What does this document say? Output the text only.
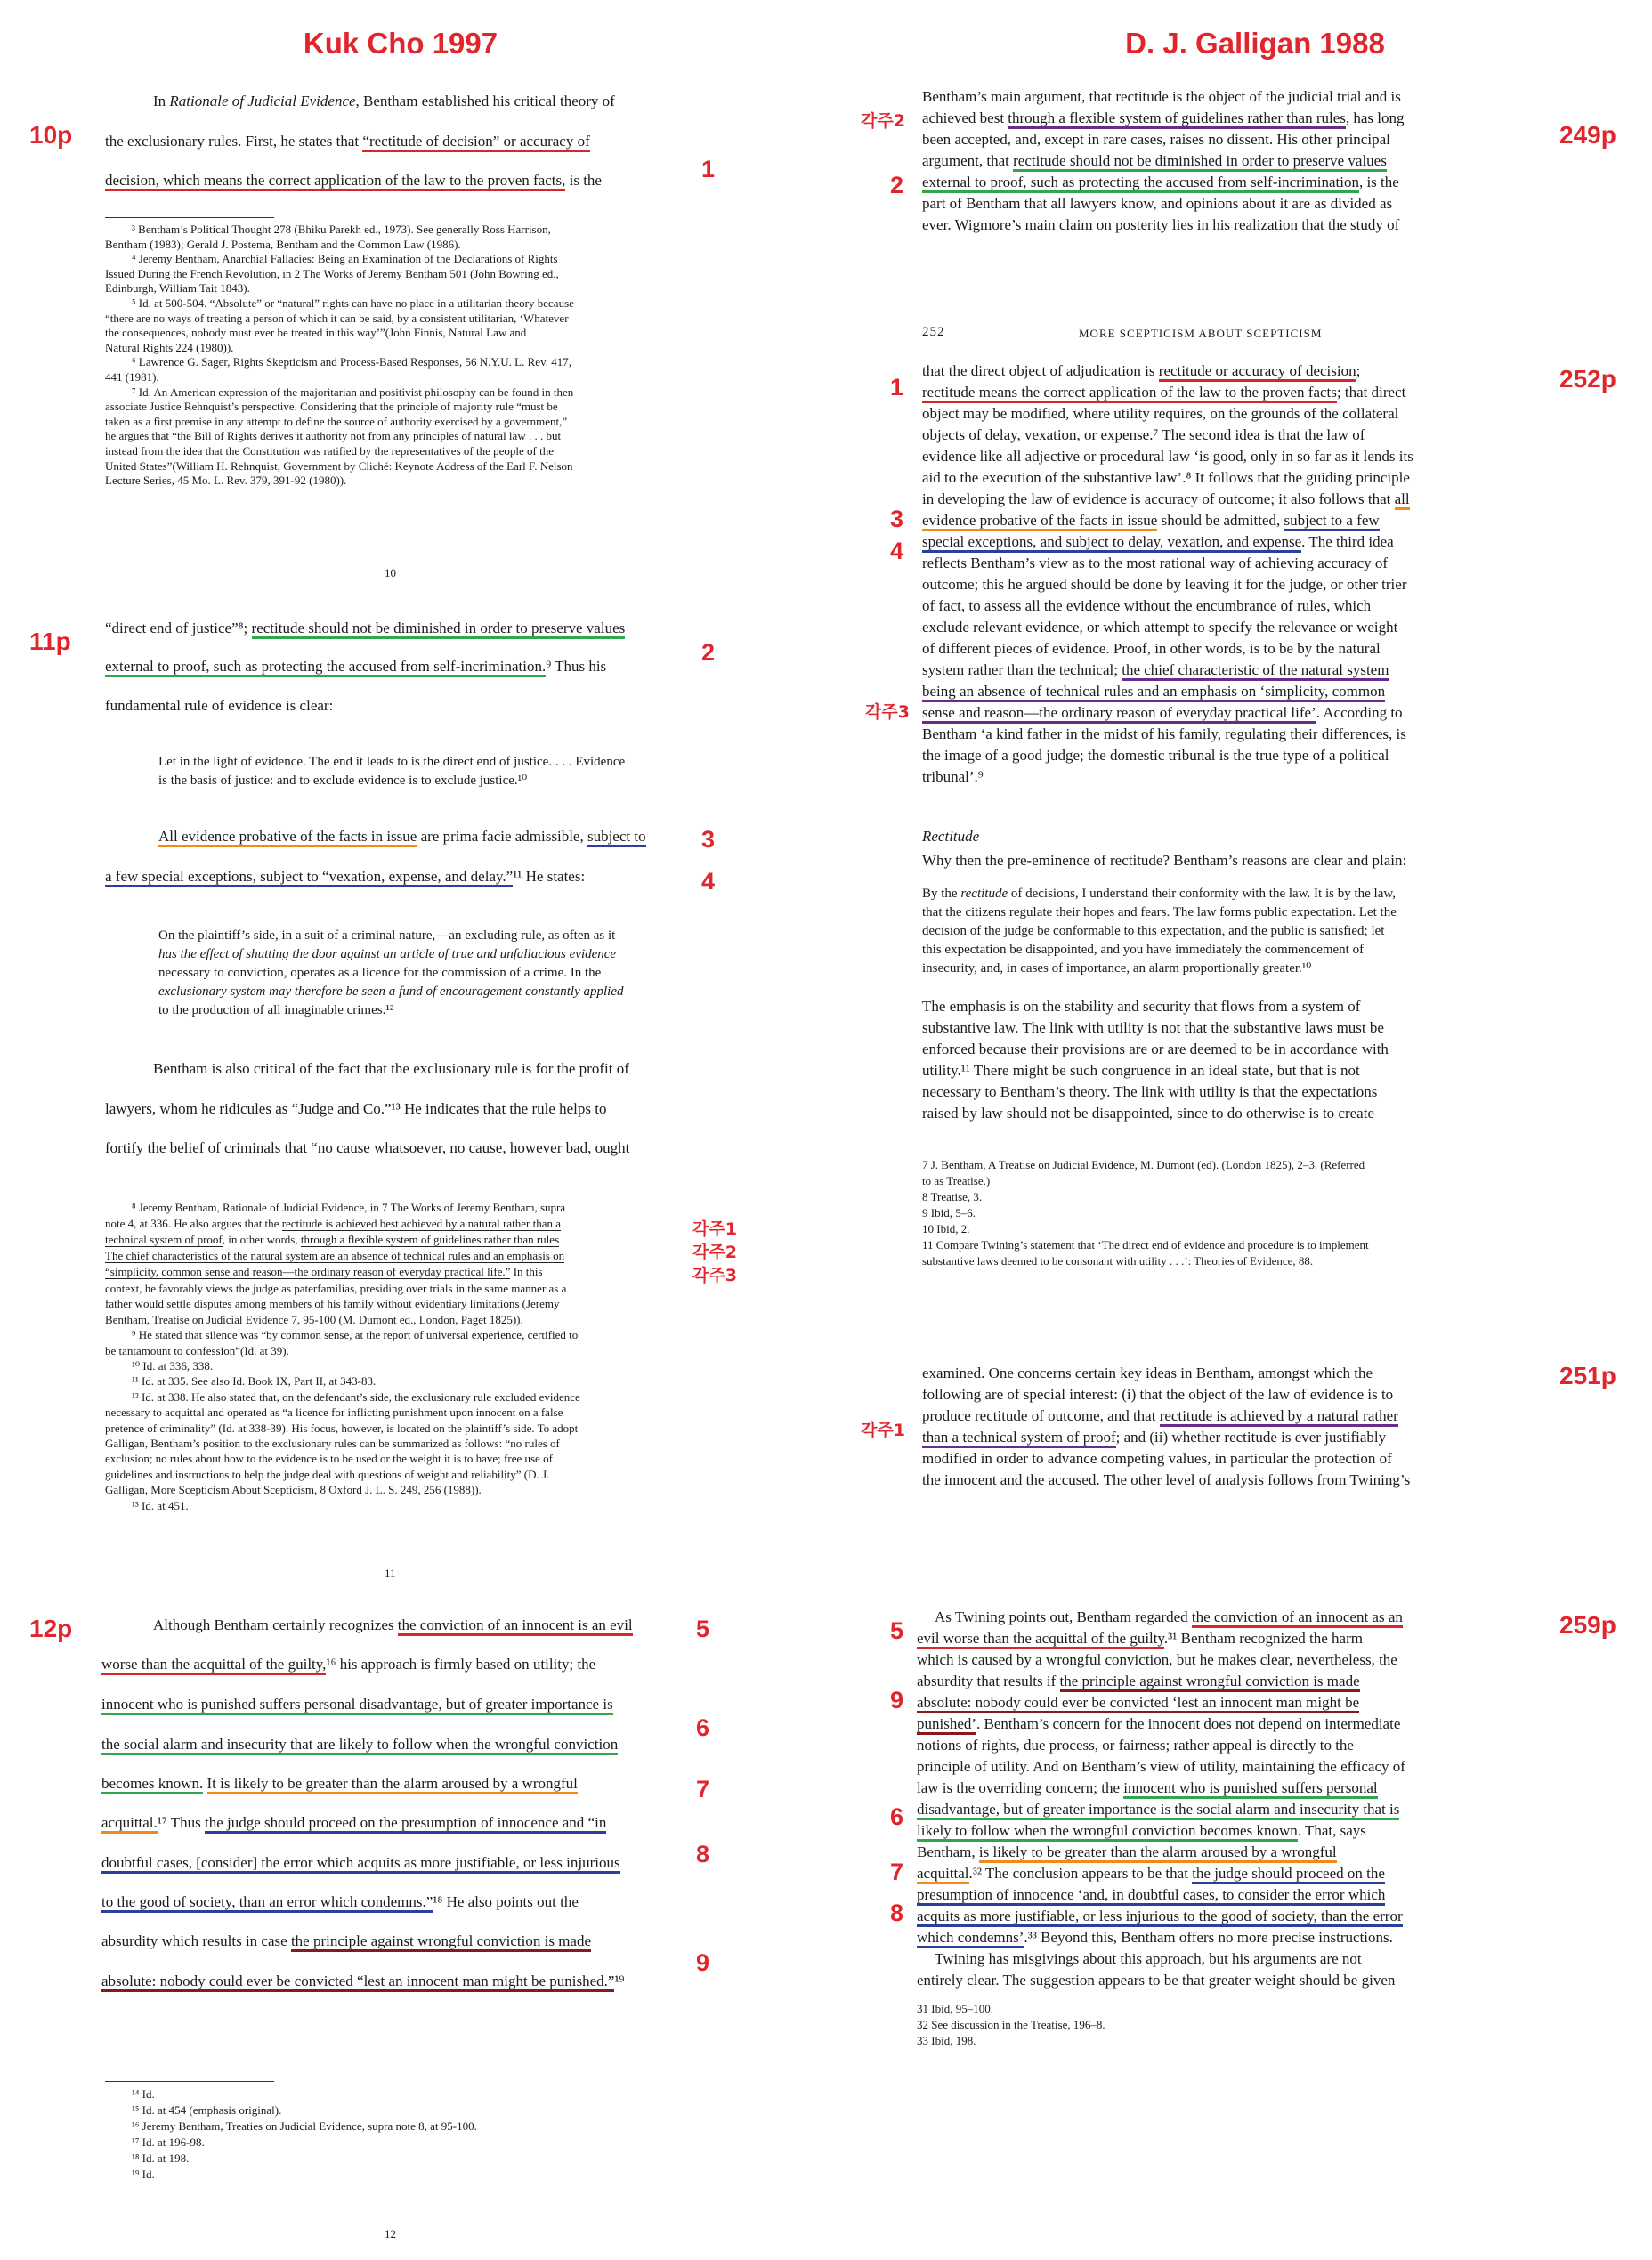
Kuk Cho 1997	D. J. Galligan 1988
10p
11p
12p
249p
252p
251p
259p
1
2
3
4
5
6
7
8
9
각주1
각주2
각주3
각주2
2
1
3
4
각주3
각주1
5
9
6
7
8
In Rationale of Judicial Evidence, Bentham established his critical theory of
the exclusionary rules. First, he states that “rectitude of decision” or accuracy of
decision, which means the correct application of the law to the proven facts, is the
³ Bentham’s Political Thought 278 (Bhiku Parekh ed., 1973). See generally Ross Harrison,
Bentham (1983); Gerald J. Postema, Bentham and the Common Law (1986).
⁴ Jeremy Bentham, Anarchial Fallacies: Being an Examination of the Declarations of Rights
Issued During the French Revolution, in 2 The Works of Jeremy Bentham 501 (John Bowring ed.,
Edinburgh, William Tait 1843).
⁵ Id. at 500-504. “Absolute” or “natural” rights can have no place in a utilitarian theory because
“there are no ways of treating a person of which it can be said, by a consistent utilitarian, ‘Whatever
the consequences, nobody must ever be treated in this way’”(John Finnis, Natural Law and
Natural Rights 224 (1980)).
⁶ Lawrence G. Sager, Rights Skepticism and Process-Based Responses, 56 N.Y.U. L. Rev. 417,
441 (1981).
⁷ Id. An American expression of the majoritarian and positivist philosophy can be found in then
associate Justice Rehnquist’s perspective. Considering that the principle of majority rule “must be
taken as a first premise in any attempt to define the source of authority exercised by a government,”
he argues that “the Bill of Rights derives it authority not from any principles of natural law . . . but
instead from the idea that the Constitution was ratified by the representatives of the people of the
United States”(William H. Rehnquist, Government by Cliché: Keynote Address of the Earl F. Nelson
Lecture Series, 45 Mo. L. Rev. 379, 391-92 (1980)).
10
“direct end of justice”⁸; rectitude should not be diminished in order to preserve values
external to proof, such as protecting the accused from self-incrimination.⁹ Thus his
fundamental rule of evidence is clear:
Let in the light of evidence. The end it leads to is the direct end of justice. . . . Evidence
is the basis of justice: and to exclude evidence is to exclude justice.¹⁰
All evidence probative of the facts in issue are prima facie admissible, subject to
a few special exceptions, subject to “vexation, expense, and delay.”¹¹ He states:
On the plaintiff’s side, in a suit of a criminal nature,—an excluding rule, as often as it
has the effect of shutting the door against an article of true and unfallacious evidence
necessary to conviction, operates as a licence for the commission of a crime. In the
exclusionary system may therefore be seen a fund of encouragement constantly applied
to the production of all imaginable crimes.¹²
Bentham is also critical of the fact that the exclusionary rule is for the profit of
lawyers, whom he ridicules as “Judge and Co.”¹³ He indicates that the rule helps to
fortify the belief of criminals that “no cause whatsoever, no cause, however bad, ought
⁸ Jeremy Bentham, Rationale of Judicial Evidence, in 7 The Works of Jeremy Bentham, supra
note 4, at 336. He also argues that the rectitude is achieved best achieved by a natural rather than a
technical system of proof, in other words, through a flexible system of guidelines rather than rules
The chief characteristics of the natural system are an absence of technical rules and an emphasis on
“simplicity, common sense and reason—the ordinary reason of everyday practical life.” In this
context, he favorably views the judge as paterfamilias, presiding over trials in the same manner as a
father would settle disputes among members of his family without evidentiary limitations (Jeremy
Bentham, Treatise on Judicial Evidence 7, 95-100 (M. Dumont ed., London, Paget 1825)).
⁹ He stated that silence was “by common sense, at the report of universal experience, certified to
be tantamount to confession”(Id. at 39).
¹⁰ Id. at 336, 338.
¹¹ Id. at 335. See also Id. Book IX, Part II, at 343-83.
¹² Id. at 338. He also stated that, on the defendant’s side, the exclusionary rule excluded evidence
necessary to acquittal and operated as “a licence for inflicting punishment upon innocent on a false
pretence of criminality” (Id. at 338-39). His focus, however, is located on the plaintiff’s side. To adopt
Galligan, Bentham’s position to the exclusionary rules can be summarized as follows: “no rules of
exclusion; no rules about how to the evidence is to be used or the weight it is to have; free use of
guidelines and instructions to help the judge deal with questions of weight and reliability” (D. J.
Galligan, More Scepticism About Scepticism, 8 Oxford J. L. S. 249, 256 (1988)).
¹³ Id. at 451.
11
Although Bentham certainly recognizes the conviction of an innocent is an evil
worse than the acquittal of the guilty,¹⁶ his approach is firmly based on utility; the
innocent who is punished suffers personal disadvantage, but of greater importance is
the social alarm and insecurity that are likely to follow when the wrongful conviction
becomes known. It is likely to be greater than the alarm aroused by a wrongful
acquittal.¹⁷ Thus the judge should proceed on the presumption of innocence and “in
doubtful cases, [consider] the error which acquits as more justifiable, or less injurious
to the good of society, than an error which condemns.”¹⁸ He also points out the
absurdity which results in case the principle against wrongful conviction is made
absolute: nobody could ever be convicted “lest an innocent man might be punished.”¹⁹
¹⁴ Id.
¹⁵ Id. at 454 (emphasis original).
¹⁶ Jeremy Bentham, Treaties on Judicial Evidence, supra note 8, at 95-100.
¹⁷ Id. at 196-98.
¹⁸ Id. at 198.
¹⁹ Id.
12
Bentham’s main argument, that rectitude is the object of the judicial trial and is
achieved best through a flexible system of guidelines rather than rules, has long
been accepted, and, except in rare cases, raises no dissent. His other principal
argument, that rectitude should not be diminished in order to preserve values
external to proof, such as protecting the accused from self-incrimination, is the
part of Bentham that all lawyers know, and opinions about it are as divided as
ever. Wigmore’s main claim on posterity lies in his realization that the study of
252	MORE SCEPTICISM ABOUT SCEPTICISM
that the direct object of adjudication is rectitude or accuracy of decision;
rectitude means the correct application of the law to the proven facts; that direct
object may be modified, where utility requires, on the grounds of the collateral
objects of delay, vexation, or expense.⁷ The second idea is that the law of
evidence like all adjective or procedural law ‘is good, only in so far as it lends its
aid to the execution of the substantive law’.⁸ It follows that the guiding principle
in developing the law of evidence is accuracy of outcome; it also follows that all
evidence probative of the facts in issue should be admitted, subject to a few
special exceptions, and subject to delay, vexation, and expense. The third idea
reflects Bentham’s view as to the most rational way of achieving accuracy of
outcome; this he argued should be done by leaving it for the judge, or other trier
of fact, to assess all the evidence without the encumbrance of rules, which
exclude relevant evidence, or which attempt to specify the relevance or weight
of different pieces of evidence. Proof, in other words, is to be by the natural
system rather than the technical; the chief characteristic of the natural system
being an absence of technical rules and an emphasis on ‘simplicity, common
sense and reason—the ordinary reason of everyday practical life’. According to
Bentham ‘a kind father in the midst of his family, regulating their differences, is
the image of a good judge; the domestic tribunal is the true type of a political
tribunal’.⁹
Rectitude
Why then the pre-eminence of rectitude? Bentham’s reasons are clear and plain:
By the rectitude of decisions, I understand their conformity with the law. It is by the law,
that the citizens regulate their hopes and fears. The law forms public expectation. Let the
decision of the judge be conformable to this expectation, and the public is satisfied; let
this expectation be disappointed, and you have immediately the commencement of
insecurity, and, in cases of importance, an alarm proportionally greater.¹⁰
The emphasis is on the stability and security that flows from a system of
substantive law. The link with utility is not that the substantive laws must be
enforced because their provisions are or are deemed to be in accordance with
utility.¹¹ There might be such congruence in an ideal state, but that is not
necessary to Bentham’s theory. The link with utility is that the expectations
raised by law should not be disappointed, since to do otherwise is to create
7 J. Bentham, A Treatise on Judicial Evidence, M. Dumont (ed). (London 1825), 2–3. (Referred
to as Treatise.)
8 Treatise, 3.
9 Ibid, 5–6.
10 Ibid, 2.
11 Compare Twining’s statement that ‘The direct end of evidence and procedure is to implement
substantive laws deemed to be consonant with utility . . .’: Theories of Evidence, 88.
examined. One concerns certain key ideas in Bentham, amongst which the
following are of special interest: (i) that the object of the law of evidence is to
produce rectitude of outcome, and that rectitude is achieved by a natural rather
than a technical system of proof; and (ii) whether rectitude is ever justifiably
modified in order to advance competing values, in particular the protection of
the innocent and the accused. The other level of analysis follows from Twining’s
As Twining points out, Bentham regarded the conviction of an innocent as an
evil worse than the acquittal of the guilty.³¹ Bentham recognized the harm
which is caused by a wrongful conviction, but he makes clear, nevertheless, the
absurdity that results if the principle against wrongful conviction is made
absolute: nobody could ever be convicted ‘lest an innocent man might be
punished’. Bentham’s concern for the innocent does not depend on intermediate
notions of rights, due process, or fairness; rather appeal is directly to the
principle of utility. And on Bentham’s view of utility, maintaining the efficacy of
law is the overriding concern; the innocent who is punished suffers personal
disadvantage, but of greater importance is the social alarm and insecurity that is
likely to follow when the wrongful conviction becomes known. That, says
Bentham, is likely to be greater than the alarm aroused by a wrongful
acquittal.³² The conclusion appears to be that the judge should proceed on the
presumption of innocence ‘and, in doubtful cases, to consider the error which
acquits as more justifiable, or less injurious to the good of society, than the error
which condemns’.³³ Beyond this, Bentham offers no more precise instructions.
Twining has misgivings about this approach, but his arguments are not
entirely clear. The suggestion appears to be that greater weight should be given
31 Ibid, 95–100.
32 See discussion in the Treatise, 196–8.
33 Ibid, 198.
